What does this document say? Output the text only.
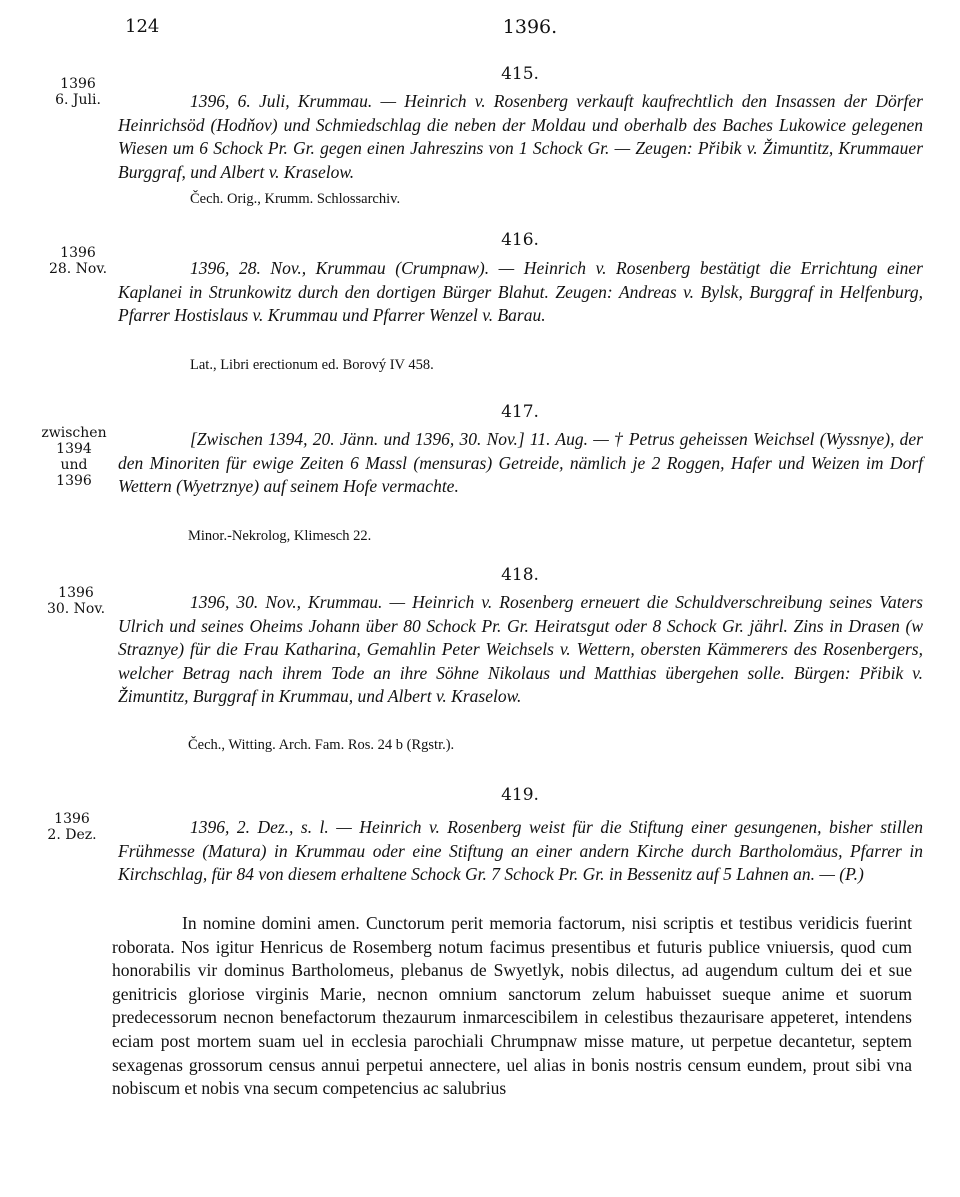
124	1396.
415.
1396
6. Juli.	1396, 6. Juli, Krummau. — Heinrich v. Rosenberg verkauft kaufrechtlich den Insassen der Dörfer Heinrichsöd (Hodňov) und Schmiedschlag die neben der Moldau und oberhalb des Baches Lukowice gelegenen Wiesen um 6 Schock Pr. Gr. gegen einen Jahreszins von 1 Schock Gr. — Zeugen: Přibik v. Žimuntitz, Krummauer Burggraf, und Albert v. Kraselow.
Čech. Orig., Krumm. Schlossarchiv.
416.
1396
28. Nov.	1396, 28. Nov., Krummau (Crumpnaw). — Heinrich v. Rosenberg bestätigt die Errichtung einer Kaplanei in Strunkowitz durch den dortigen Bürger Blahut. Zeugen: Andreas v. Bylsk, Burggraf in Helfenburg, Pfarrer Hostislaus v. Krummau und Pfarrer Wenzel v. Barau.
Lat., Libri erectionum ed. Borový IV 458.
417.
zwischen
1394
und
1396
[Zwischen 1394, 20. Jänn. und 1396, 30. Nov.] 11. Aug. — † Petrus geheissen Weichsel (Wyssnye), der den Minoriten für ewige Zeiten 6 Massl (mensuras) Getreide, nämlich je 2 Roggen, Hafer und Weizen im Dorf Wettern (Wyetrznye) auf seinem Hofe vermachte.
Minor.-Nekrolog, Klimesch 22.
418.
1396
30. Nov.	1396, 30. Nov., Krummau. — Heinrich v. Rosenberg erneuert die Schuldverschreibung seines Vaters Ulrich und seines Oheims Johann über 80 Schock Pr. Gr. Heiratsgut oder 8 Schock Gr. jährl. Zins in Drasen (w Straznye) für die Frau Katharina, Gemahlin Peter Weichsels v. Wettern, obersten Kämmerers des Rosenbergers, welcher Betrag nach ihrem Tode an ihre Söhne Nikolaus und Matthias übergehen solle. Bürgen: Přibik v. Žimuntitz, Burggraf in Krummau, und Albert v. Kraselow.
Čech., Witting. Arch. Fam. Ros. 24 b (Rgstr.).
419.
1396
2. Dez.	1396, 2. Dez., s. l. — Heinrich v. Rosenberg weist für die Stiftung einer gesungenen, bisher stillen Frühmesse (Matura) in Krummau oder eine Stiftung an einer andern Kirche durch Bartholomäus, Pfarrer in Kirchschlag, für 84 von diesem erhaltene Schock Gr. 7 Schock Pr. Gr. in Bessenitz auf 5 Lahnen an. — (P.)
In nomine domini amen. Cunctorum perit memoria factorum, nisi scriptis et testibus veridicis fuerint roborata. Nos igitur Henricus de Rosemberg notum facimus presentibus et futuris publice vniuersis, quod cum honorabilis vir dominus Bartholomeus, plebanus de Swyetlyk, nobis dilectus, ad augendum cultum dei et sue genitricis gloriose virginis Marie, necnon omnium sanctorum zelum habuisset sueque anime et suorum predecessorum necnon benefactorum thezaurum inmarcescibilem in celestibus thezaurisare appeteret, intendens eciam post mortem suam uel in ecclesia parochiali Chrumpnaw misse mature, ut perpetue decantetur, septem sexagenas grossorum census annui perpetui annectere, uel alias in bonis nostris censum eundem, prout sibi vna nobiscum et nobis vna secum competencius ac salubrius
